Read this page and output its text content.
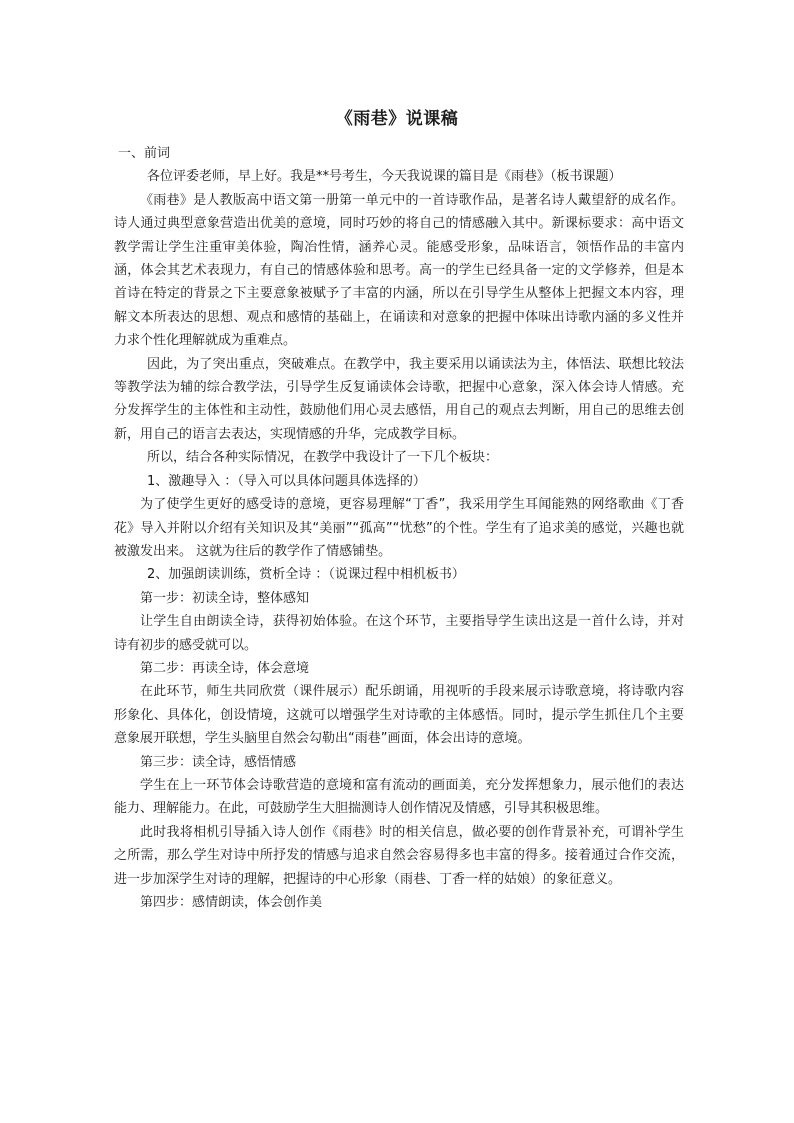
《雨巷》说课稿

一、前词

各位评委老师，早上好。我是**号考生，今天我说课的篇目是《雨巷》（板书课题）

《雨巷》是人教版高中语文第一册第一单元中的一首诗歌作品，是著名诗人戴望舒的成名作。诗人通过典型意象营造出优美的意境，同时巧妙的将自己的情感融入其中。新课标要求：高中语文教学需让学生注重审美体验，陶冶性情，涵养心灵。能感受形象，品味语言，领悟作品的丰富内涵，体会其艺术表现力，有自己的情感体验和思考。高一的学生已经具备一定的文学修养，但是本首诗在特定的背景之下主要意象被赋予了丰富的内涵，所以在引导学生从整体上把握文本内容，理解文本所表达的思想、观点和感情的基础上，在诵读和对意象的把握中体味出诗歌内涵的多义性并力求个性化理解就成为重难点。

因此，为了突出重点，突破难点。在教学中，我主要采用以诵读法为主，体悟法、联想比较法等教学法为辅的综合教学法，引导学生反复诵读体会诗歌，把握中心意象，深入体会诗人情感。充分发挥学生的主体性和主动性，鼓励他们用心灵去感悟，用自己的观点去判断，用自己的思维去创新，用自己的语言去表达，实现情感的升华，完成教学目标。

所以，结合各种实际情况，在教学中我设计了一下几个板块：

1、激趣导入 ：（导入可以具体问题具体选择的）

为了使学生更好的感受诗的意境，更容易理解“丁香”，我采用学生耳闻能熟的网络歌曲《丁香花》导入并附以介绍有关知识及其“美丽”“孤高”“忧愁”的个性。学生有了追求美的感觉，兴趣也就被激发出来。 这就为往后的教学作了情感铺垫。

2、加强朗读训练，赏析全诗 ：（说课过程中相机板书）

第一步：初读全诗，整体感知

让学生自由朗读全诗，获得初始体验。在这个环节，主要指导学生读出这是一首什么诗，并对诗有初步的感受就可以。

第二步：再读全诗，体会意境

在此环节，师生共同欣赏（课件展示）配乐朗诵，用视听的手段来展示诗歌意境，将诗歌内容形象化、具体化，创设情境，这就可以增强学生对诗歌的主体感悟。同时，提示学生抓住几个主要意象展开联想，学生头脑里自然会勾勒出“雨巷”画面，体会出诗的意境。

第三步：读全诗，感悟情感

学生在上一环节体会诗歌营造的意境和富有流动的画面美，充分发挥想象力，展示他们的表达能力、理解能力。在此，可鼓励学生大胆揣测诗人创作情况及情感，引导其积极思维。

此时我将相机引导插入诗人创作《雨巷》时的相关信息，做必要的创作背景补充，可谓补学生之所需，那么学生对诗中所抒发的情感与追求自然会容易得多也丰富的得多。接着通过合作交流，进一步加深学生对诗的理解，把握诗的中心形象（雨巷、丁香一样的姑娘）的象征意义。

第四步：感情朗读，体会创作美
